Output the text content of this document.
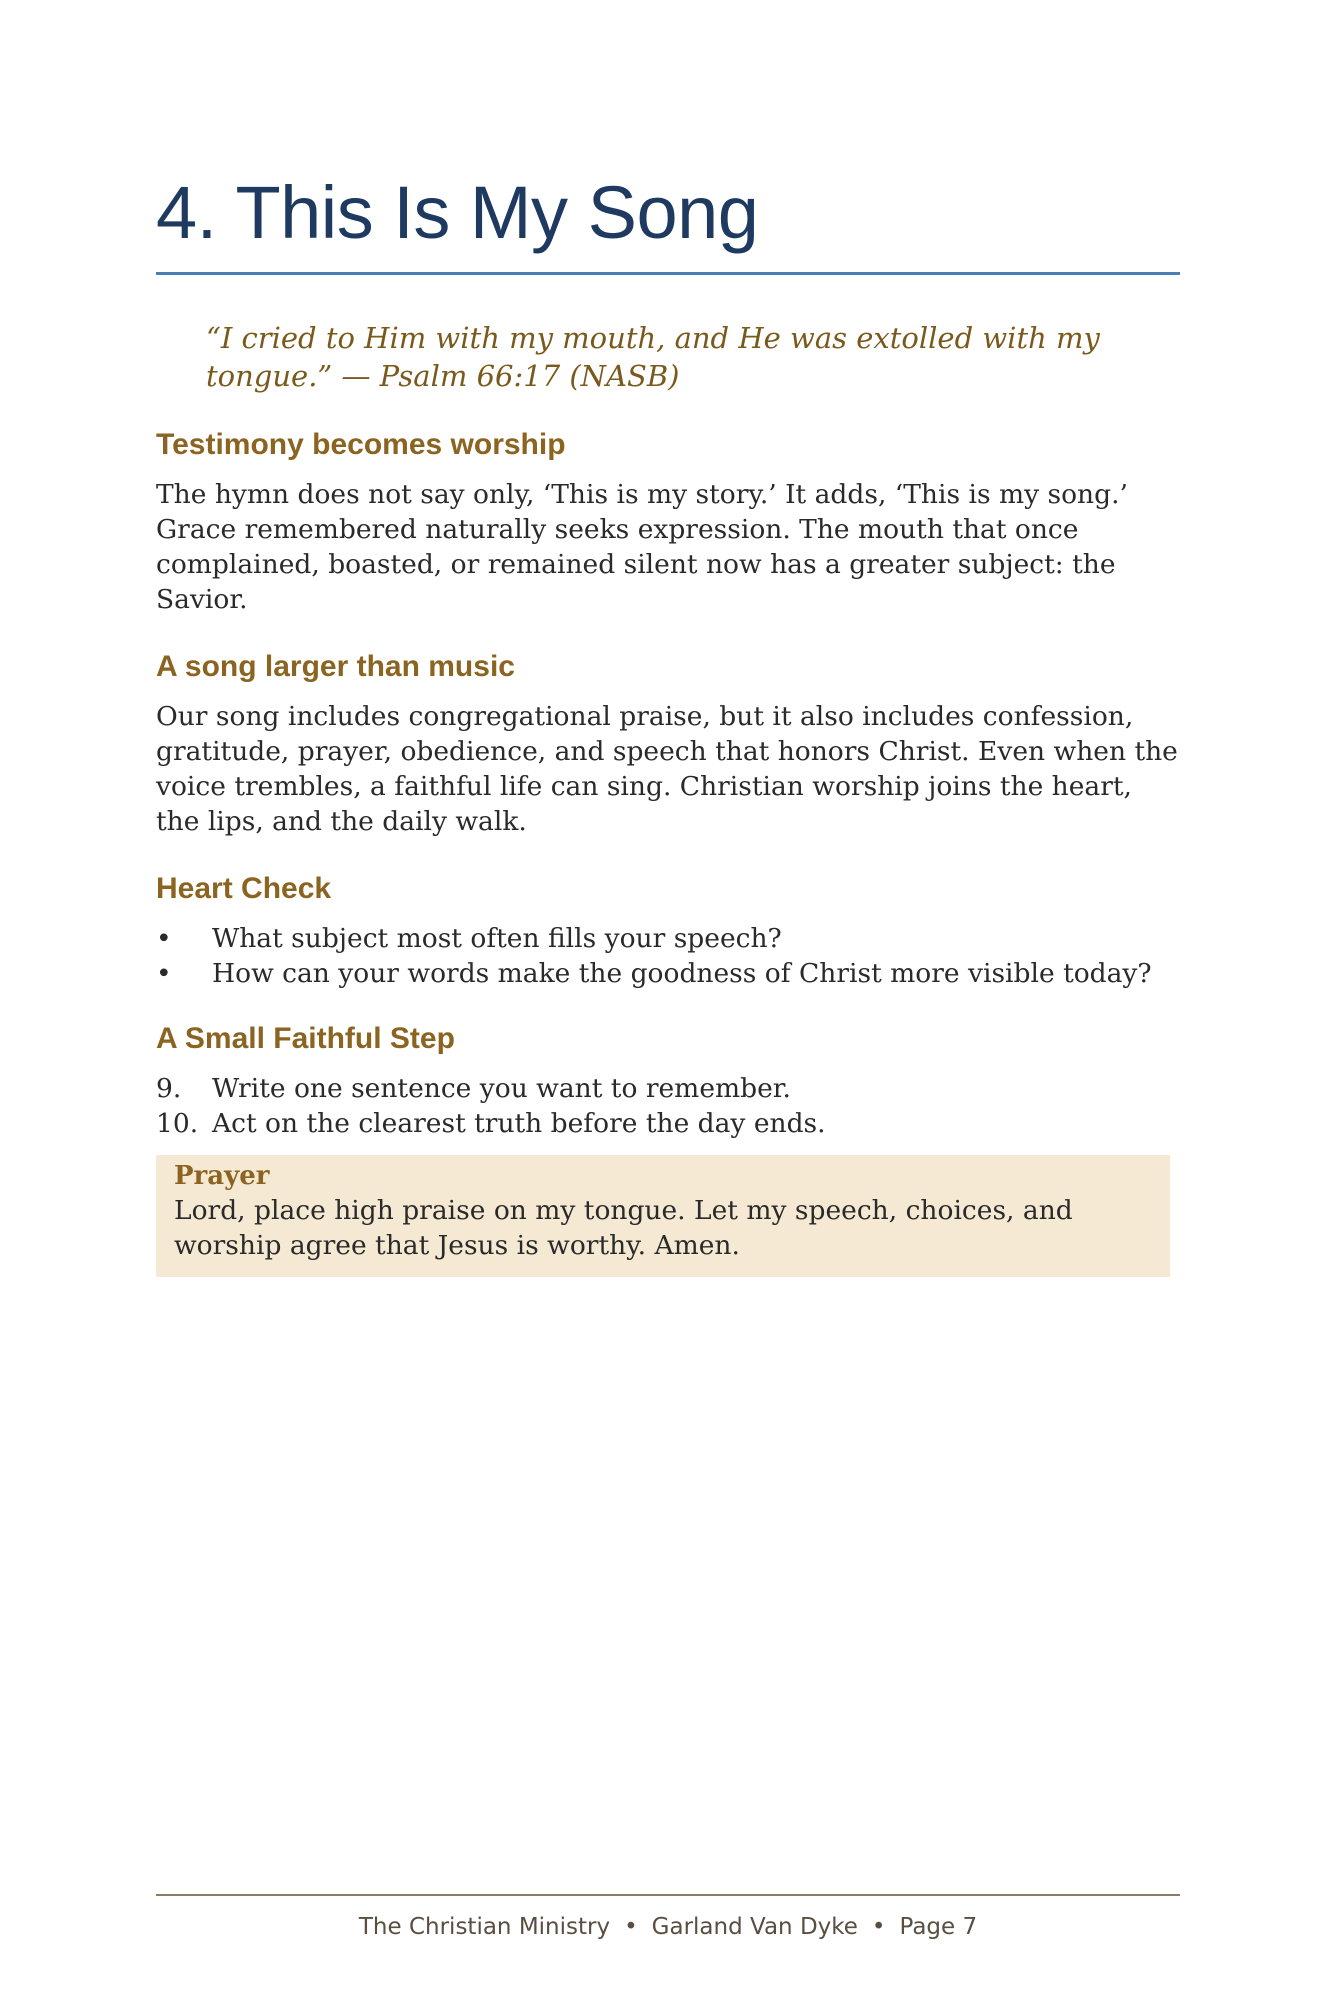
4. This Is My Song

“I cried to Him with my mouth, and He was extolled with my tongue.” — Psalm 66:17 (NASB)

Testimony becomes worship

The hymn does not say only, ‘This is my story.’ It adds, ‘This is my song.’ Grace remembered naturally seeks expression. The mouth that once complained, boasted, or remained silent now has a greater subject: the Savior.

A song larger than music

Our song includes congregational praise, but it also includes confession, gratitude, prayer, obedience, and speech that honors Christ. Even when the voice trembles, a faithful life can sing. Christian worship joins the heart, the lips, and the daily walk.

Heart Check
• What subject most often fills your speech?
• How can your words make the goodness of Christ more visible today?
A Small Faithful Step
9. Write one sentence you want to remember.
10. Act on the clearest truth before the day ends.

Prayer

Lord, place high praise on my tongue. Let my speech, choices, and worship agree that Jesus is worthy. Amen.

The Christian Ministry • Garland Van Dyke • Page 7
